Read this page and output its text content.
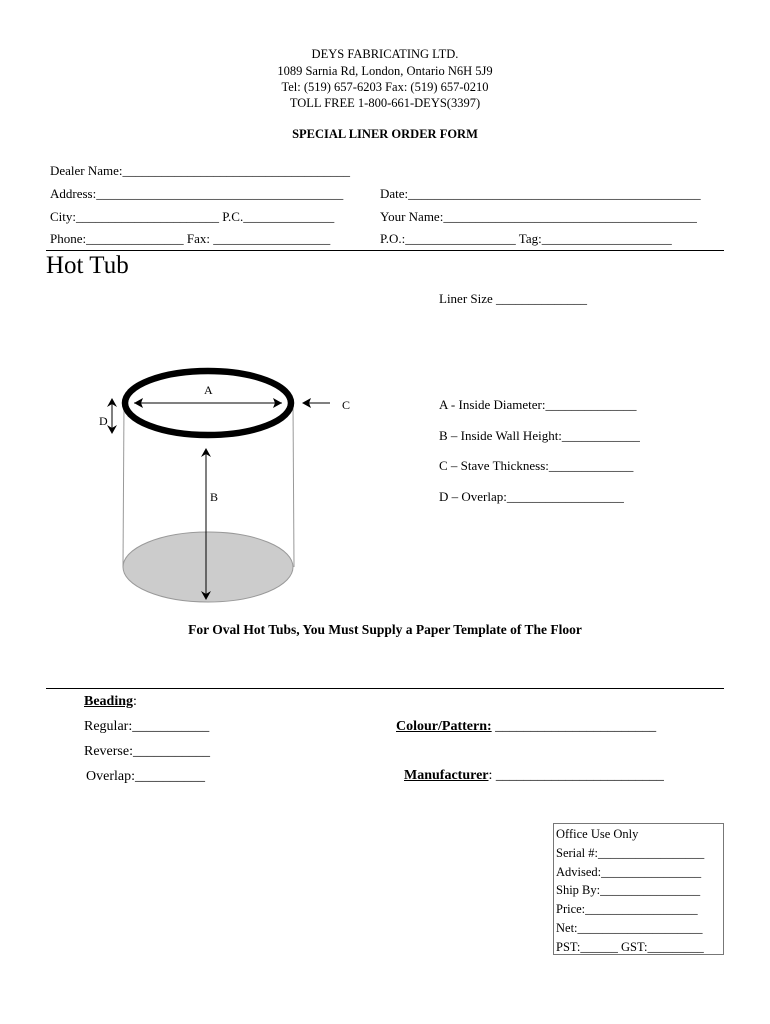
DEYS FABRICATING LTD.
1089 Sarnia Rd, London, Ontario N6H 5J9
Tel: (519) 657-6203 Fax: (519) 657-0210
TOLL FREE 1-800-661-DEYS(3397)
SPECIAL LINER ORDER FORM
Dealer Name:___________________________________
Address:______________________________________	Date:_____________________________________________
City:______________________ P.C.______________	Your Name:_______________________________________
Phone:_______________ Fax: __________________	P.O.:_________________ Tag:____________________
Hot Tub
Liner Size ______________
A
C
D
B
A - Inside Diameter:______________
B – Inside Wall Height:____________
C – Stave Thickness:_____________
D – Overlap:__________________
For Oval Hot Tubs, You Must Supply a Paper Template of The Floor
Beading:
Regular:___________
Reverse:___________
Overlap:__________
Colour/Pattern: _______________________
Manufacturer: ________________________
Office Use Only
Serial #:_________________
Advised:________________
Ship By:________________
Price:__________________
Net:____________________
PST:______ GST:_________
